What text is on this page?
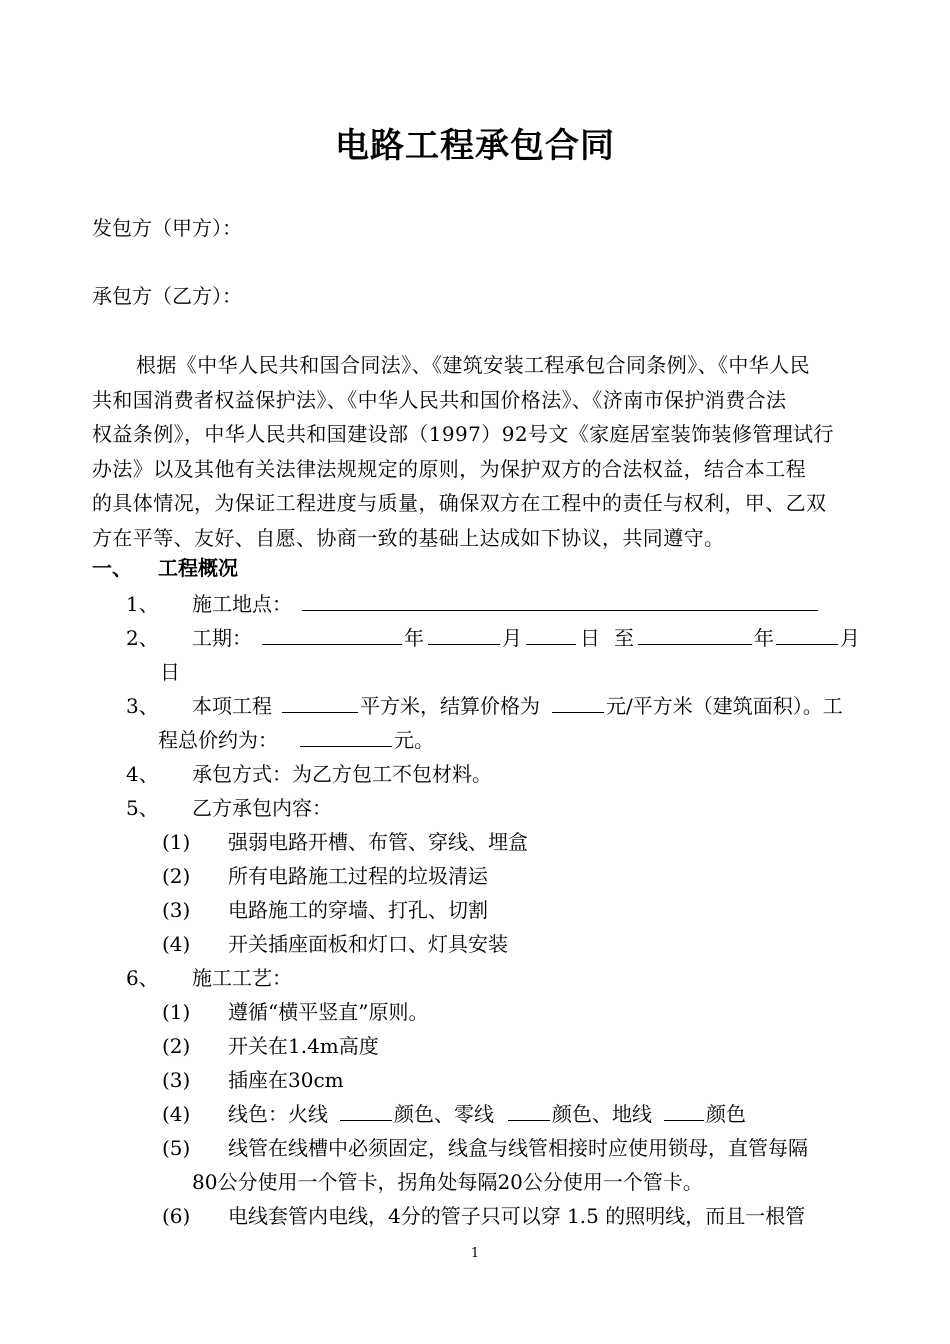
电路工程承包合同
发包方（甲方）：
承包方（乙方）：
根据《中华人民共和国合同法》、《建筑安装工程承包合同条例》、《中华人民
共和国消费者权益保护法》、《中华人民共和国价格法》、《济南市保护消费合法
权益条例》，中华人民共和国建设部（1997）92号文《家庭居室装饰装修管理试行
办法》以及其他有关法律法规规定的原则，为保护双方的合法权益，结合本工程
的具体情况，为保证工程进度与质量，确保双方在工程中的责任与权利，甲、乙双
方在平等、友好、自愿、协商一致的基础上达成如下协议，共同遵守。
一、 工程概况
1、 施工地点：
2、 工期：	年	月	日 至	年	月
日
3、 本项工程	平方米，结算价格为	元/平方米（建筑面积）。工
程总价约为：	元。
4、 承包方式：为乙方包工不包材料。
5、 乙方承包内容：
(1) 强弱电路开槽、布管、穿线、埋盒
(2) 所有电路施工过程的垃圾清运
(3) 电路施工的穿墙、打孔、切割
(4) 开关插座面板和灯口、灯具安装
6、 施工工艺：
(1) 遵循“横平竖直”原则。
(2) 开关在1.4m高度
(3) 插座在30cm
(4) 线色：火线	颜色、零线	颜色、地线	颜色
(5) 线管在线槽中必须固定，线盒与线管相接时应使用锁母，直管每隔
80公分使用一个管卡，拐角处每隔20公分使用一个管卡。
(6) 电线套管内电线，4分的管子只可以穿 1.5 的照明线，而且一根管
1
